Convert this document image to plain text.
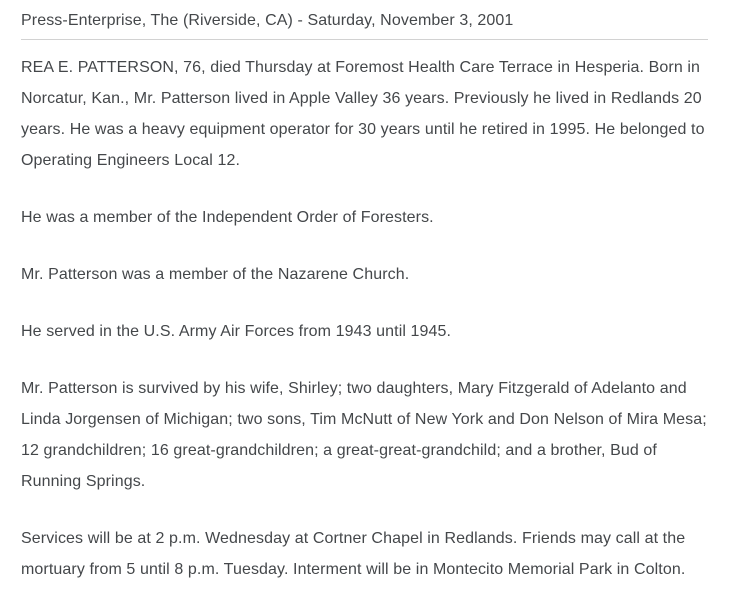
Press-Enterprise, The (Riverside, CA) - Saturday, November 3, 2001

REA E. PATTERSON, 76, died Thursday at Foremost Health Care Terrace in Hesperia. Born in Norcatur, Kan., Mr. Patterson lived in Apple Valley 36 years. Previously he lived in Redlands 20 years. He was a heavy equipment operator for 30 years until he retired in 1995. He belonged to Operating Engineers Local 12.

He was a member of the Independent Order of Foresters.

Mr. Patterson was a member of the Nazarene Church.

He served in the U.S. Army Air Forces from 1943 until 1945.

Mr. Patterson is survived by his wife, Shirley; two daughters, Mary Fitzgerald of Adelanto and Linda Jorgensen of Michigan; two sons, Tim McNutt of New York and Don Nelson of Mira Mesa; 12 grandchildren; 16 great-grandchildren; a great-great-grandchild; and a brother, Bud of Running Springs.

Services will be at 2 p.m. Wednesday at Cortner Chapel in Redlands. Friends may call at the mortuary from 5 until 8 p.m. Tuesday. Interment will be in Montecito Memorial Park in Colton.
